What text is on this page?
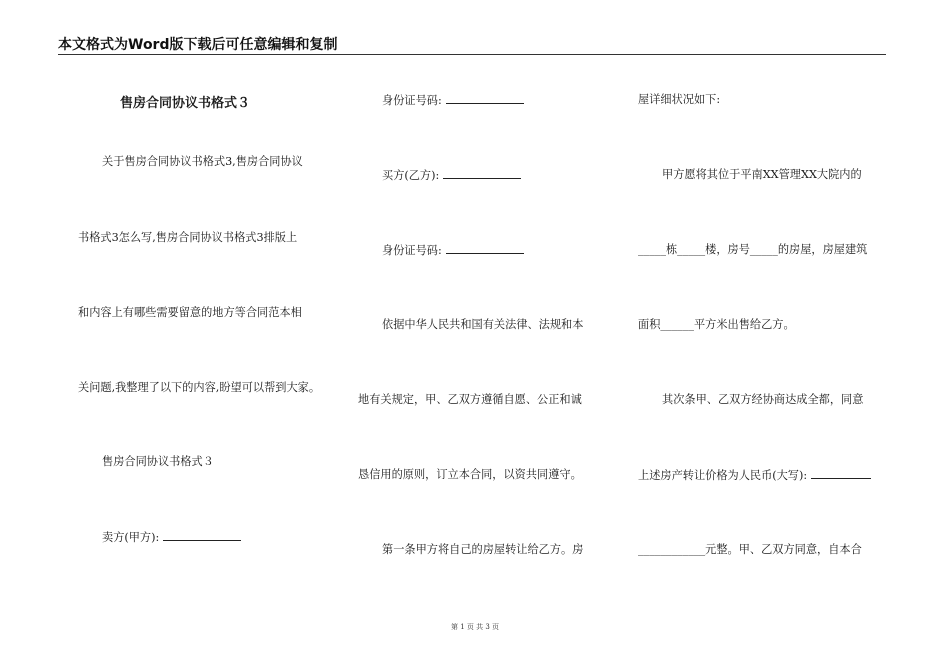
本文格式为Word版下载后可任意编辑和复制
售房合同协议书格式３
关于售房合同协议书格式3,售房合同协议
书格式3怎么写,售房合同协议书格式3排版上
和内容上有哪些需要留意的地方等合同范本相
关问题,我整理了以下的内容,盼望可以帮到大家。
售房合同协议书格式３
卖方(甲方):
身份证号码:
买方(乙方):
身份证号码:
依据中华人民共和国有关法律、法规和本
地有关规定，甲、乙双方遵循自愿、公正和诚
恳信用的原则，订立本合同，以资共同遵守。
第一条甲方将自己的房屋转让给乙方。房
屋详细状况如下:
甲方愿将其位于平南XX管理XX大院内的
_____栋_____楼，房号_____的房屋，房屋建筑
面积______平方米出售给乙方。
其次条甲、乙双方经协商达成全都，同意
上述房产转让价格为人民币(大写):
____________元整。甲、乙双方同意，自本合
第 1 页 共 3 页
